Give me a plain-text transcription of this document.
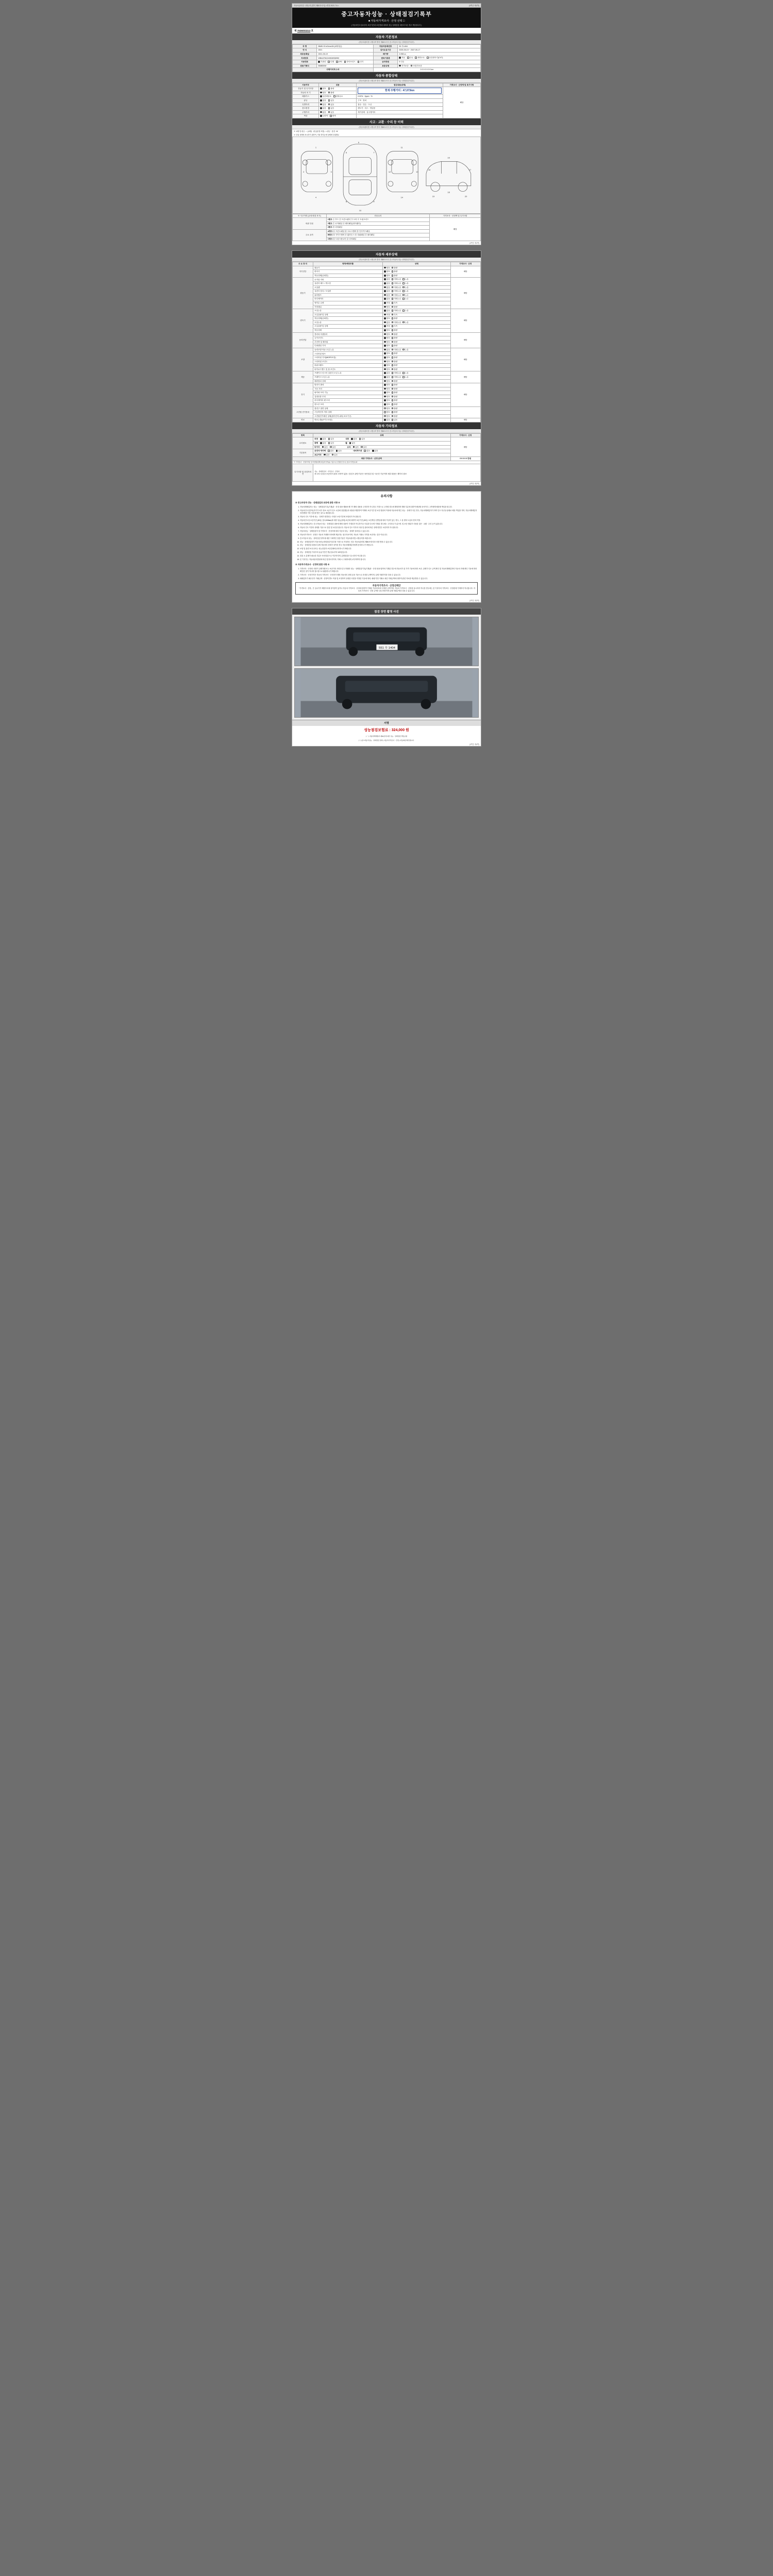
자동차관리법 시행규칙 [별지 제82호서식] <개정 2021.7.6.>	(3쪽중 제1쪽)
중고자동차성능 · 상태점검기록부
■ 자동차가격조사 · 산정 선택 □
( 자동차인도일로부터 보증기간과 보증범위 내에서 성능·상태점검 내용과 다른 경우 책임집니다 )
제 7936003213 호
자동차 기본정보
(자동차관리법 시행규칙 별지 제82호서식 중고자동차 성능·상태점검기록부)
차 명	BMW X5 xDrive40i (4세대급)	자동차등록번호	30 우1404
연 식	2021	검사유효기간	2025-05-19 ~ 2027-05-17
최초등록일	2021-05-19	배기량	2,998 cc
차대번호	WBACR61040KM936950	변속기종류	자동 수동 세미오토 무단변속기(CVT)
사용연료	가솔린 디젤 LPG 하이브리드 전기	승차정원	5 인승
원동기형식	B58B30M	보증유형	자가보증 보험사보증
주행거리계 수치		0 0 0 0 0 0 0 km	
자동차 종합상태
(자동차관리법 시행규칙 별지 제82호서식 중고자동차 성능·상태점검기록부)
사용여부	내용	점검내용(상태)	가격조사 · 산정액 및 특기사항
전동기 및 특기사항	양호 불량	현재 주행거리 : 47,073km	해당
자동차 표 기	양호 불량		
배출가스	일산화탄소 탄화수소	0.02% · 2ppm · %	
튜닝	없음 있음	구조 · 장치	
특별이력	없음 있음	침수 · 전손 · 도난	
용도변경	없음 있음	렌트카 · 리스 · 영업용	
주행거리	없음 있음	계기상태 · 실주행거리	
색상	무변색 변색		
사고 · 교환 · 수리 등 이력
(자동차관리법 시행규칙 별지 제82호서식 중고자동차 성능·상태점검기록부)
※ 교환 및 판금 : ○ (교환) · 판금(용접 포함) : × 판금 · 용접 : W
※ 부위 상태에 표시하기 위하여, 기타 하부등에 상태에 부위별로
1
2	3
4
5
6	7
8	9
10
11
12	13
14
15
16	17
18
19	20
※ 사고이력 (교차/대상 표시)	단순수리	가격조사 · 산정액 및 특기사항
외판 부위	1랭크 ① 후드 ② 프론트펜더 ③ 도어 ④ 트렁크리드	해당
	2랭크 ⑤ 로커패널 ⑥ 쿼터패널(리어펜더)	
	3랭크 ⑩ 리어패널	
주요 골격	A랭크 ⑪ 프론트패널 ⑫ 크로스멤버 ⑬ 인사이드패널	
	B랭크 ⑭ 사이드멤버 ⑮ 휠하우스 ⑯ 대쉬패널 ⑰ 필러패널	
	C랭크 ㉑ 트렁크플로어 ㉒ 리어패널	
(3쪽중 제1쪽)
자동차 세부상태
(자동차관리법 시행규칙 별지 제82호서식 중고자동차 성능·상태점검기록부)
주 요 장 치	항목/해당부품	상태	가격조사 · 산정
자기진단	원동기	양호 불량	해당
	변속기	양호 불량	
	작동상태(공회전)	양호 불량	
원동기	로커암 커버	없음 미세누유 누유	해당
	실린더 헤드 / 개스킷	없음 미세누유 누유	
	오일팬	없음 미세누유 누유	
	실린더 블록 / 오일팬	없음 미세누유 누유	
	워터펌프	없음 미세누수 누수	
	라디에이터	없음 미세누수 누수	
	냉각수 수량	적정 부족	
	커먼레일	양호 불량	
변속기	오일누유	없음 미세누유 누유	해당
	오일유량 및 상태	적정 부족	
	작동상태(공회전)	양호 불량	
	오일누유	없음 미세누유 누유	
	오일유량 및 상태	적정 부족	
	작동상태	양호 불량	
동력전달	클러치 어셈블리	양호 불량	해당
	등속조인트	양호 불량	
	추진축 및 베어링	양호 불량	
	디퍼렌셜 기어	양호 불량	
조향	동력조향 작동 오일 누유	없음 미세누유 누유	해당
	스티어링 펌프	양호 불량	
	스티어링 기어(MDPS포함)	양호 불량	
	스티어링 조인트	양호 불량	
	파워크랭크	양호 불량	
	타이로드엔드 및 볼 조인트	양호 불량	
제동	브레이크 마스터 실린더 오일 누유	없음 미세누유 누유	해당
	브레이크 오일 누유	없음 미세누유 누유	
	배력장치 상태	양호 불량	
전기	발전기 출력	양호 불량	해당
	시동 모터	양호 불량	
	와이퍼 모터 기능	양호 불량	
	실내송풍 모터	양호 불량	
	라디에이터 팬 모터	양호 불량	
	윈도우 모터	양호 불량	
고전원 전기장치	충전구 절연 상태	양호 불량	
	구동축전지 격리 상태	양호 불량	
	고전원전기배선 상태(접속단자,피복,보호기구)	양호 불량	
연료	연료누출(LP가스포함)	없음 있음	해당
자동차 기타정보
(자동차관리법 시행규칙 별지 제82호서식 중고자동차 성능·상태점검기록부)
항목	상태	가격조사 · 산정
수리필요	외장 없음 있음 내장 없음 있음	해당
	광택 없음 있음 휠 없음	
	타이어 없음 있음 유리 없음 있음	
기본품목	운전석 에어백 없음 있음 네비게이션 없음 있음	
	보유여부 없음 있음	
최종 가격조사 · 산정 금액		0 0 0 0 0 만원
※ 가격조사 · 산정가격은 감가상환(당해 자동차가격)을 기준으로 산정한 것으로 참고가격입니다.		
특기사항 및 점검자의견	성능 · 상태점검자 · 가격조사 · 산정자
중고차 특성상 보증하지 완료 모바이 없음 / 점검시 판단기준은 육안점검 및 시운전 기준이며 세부내용은 계약서 참조	
(3쪽중 제2쪽)
유의사항
※ 중고자동차 성능 · 상태점검과 보증에 관한 사항 ※
1. 자동차해체업자는 성능 · 상태점검기록(기재)과 · 산정 내용 제30조제 7가 해당 내용을 고지하지 아니하고 거짓으로 고지할 경우에 해당하며 해당 부분에 대하여 배상할 문서이다. 고객에게 배상할 책임을 집니다.
2. 자동차인도일부터(자기가 차가 정보 오류가 인도 시점에 점검했음과 내용을 해결하여 이해의 보증기간 및 보증 범위의 이내에 자동차에 생긴 성능 · 상태가 다른 경우, 자동차해체업자가 하여 인도 자신상 판매로 배상 책임을 지며, 자동차해체업자에 발생한 이후 인증을 받은 것으로 배상합니다.
3. 자동차 인도 이후에 성능 · 상태가 변경되는 사항은 보증기간에 포함되지 아니합니다.
4. 자동차인도일 보증기간 (30일, 및 2,000km)에 대한 성능(상태) 보증에 대하여 보증기간 (30일, 보증책임 선별일에 따라 이상이 있는 경우, 그 용 변의 도움의 경비 약정.
5. 자동차해체업자는 중고자동차 성능 · 상태점검 내용에 해당 내용이 기재되지 아니하거나 사실과 다르게 기재된 경우에는 고지의무가 있으며, 및 보증 범위가 사용된 것은 · 교환 · 수리 등이 있습니다.
6. 자동차 인도 이전의 상태를 기준으로 점검 및 보증을 합니다. 자동차 인도 이후의 사용 및 관리에 따른 상태 변경은 보증하지 아니합니다.
7. 자동차성능 · 상태점검자 및 가격조사 · 산정자에 따라 자동차 성능 · 상태가 달라질 수 있습니다.
8. 자동차가격조사 · 산정은 자동차 거래당사자에게 제공하는 참고자료이며, 자동차 거래시 가격을 보증하는 것은 아닙니다.
9. 중고자동차 성능 · 상태 점검 항목에 대한 구체적인 점검기준은 자동차관리법 시행규칙을 따릅니다.
10. 성능 · 상태점검자가 자동차성능상태점검기록부를 거짓으로 작성하는 경우 자동차관리법 제80조에 따라 처벌 받을 수 있습니다.
11. 성능 · 상태점검 내용과 실제 자동차의 상태가 상이한 경우 자동차해체업자에게 문의하시기 바랍니다.
12. 보험 및 관련 보상 문의는 성능점검자 보증업체에 문의하시기 바랍니다.
13. 성능 · 상태점검 기록부의 유효기간은 발급일로부터 120일입니다.
14. 점검 시 분해가 필요한 부분은 육안점검으로 이루어지며, 분해점검은 실시하지 아니합니다.
15. 본 기록부는 자동차관리법령에 따른 법정서식이며, 거래 시 구매자에게 교부하여야 합니다.
※ 자동차가격조사 · 산정에 관한 사항 ※
1. 가격조사 · 산정의 사항이 실제거래 또는 보증기의 사항과 중고거래의 성능 · 상태점검기록(기재)과 · 산정 내용 합격에 기재된 경우에 자동차가 된 가격 기준에 따라 보증, 실제가 인도 금액 확인 및 자동차해체업자의 자동차 자체 확인 기준에 따라 확인한 것이 아니며 참고용으로 활용하시기 바랍니다.
2. 가격조사 · 산정가격은 자동차 가격조사 · 산정자가 해당 자동차의 상태 등을 기준으로 산정한 금액이며, 실제 거래가격과 다를 수 있습니다.
3. 매매업자가 매수인이 거래금액 · 산정액 별도 적용 및 조정하여 상대한 사항을 약정한 기준에 따라, 매매 약정 거래시 최종 거래금액에 대하여 관련 자료를 제공받을 수 있습니다.
자동차가격조사 · 산정선택안
「가격조사 · 산정」은 실시기가 해당부서에 상이함이 있거나 자동차 가격조사 · 산정에 한하여 기재된 기준에 따라 산정한 금액이며, 자동차 가격조사 · 산정을 실시하지 아니한 경우에는 본 기록부의 가격조사 · 산정란에 기재하지 아니합니다. 자동차 가격조사 · 산정 금액은 참고사항이며 실제 거래금액과 다를 수 있습니다.
(3쪽중 제3쪽)
점검 장면 촬영 사진
551 우 1404
서명
성능점검보험료 : 324,000 원
[ ㅡ ] 자동차해체업자 제30조에 따른 성능 · 상태점검 책임보험
[ㅡ] 중고자동차성능 · 상태점검 결과 [ 자동차가격조사 · 산정 ] 자동화된 확인합니다.
(3쪽중 제4쪽)
